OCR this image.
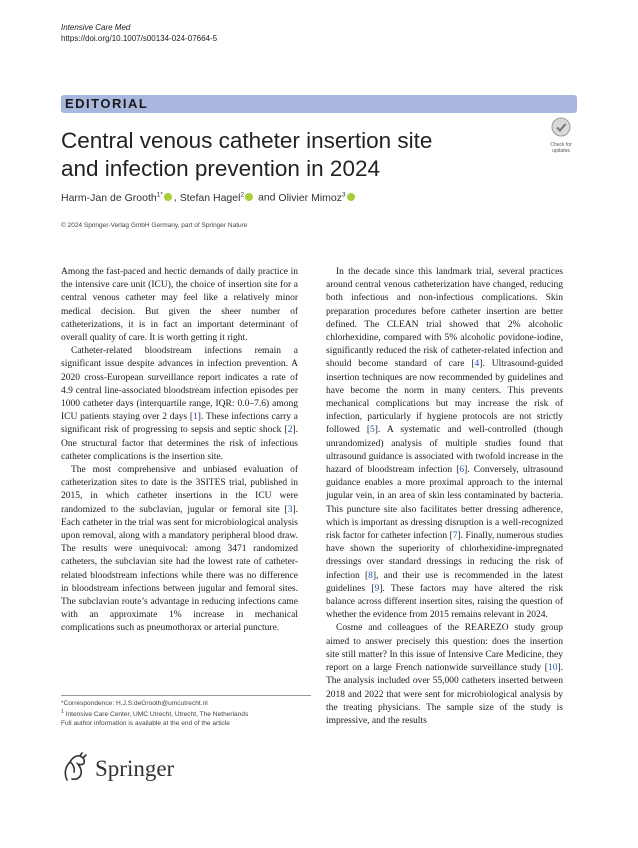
Intensive Care Med
https://doi.org/10.1007/s00134-024-07664-5
EDITORIAL
Central venous catheter insertion site
and infection prevention in 2024
Check for
updates
Harm-Jan de Grooth$^{1*}$ , Stefan Hagel$^2$ and Olivier Mimoz$^3$
© 2024 Springer-Verlag GmbH Germany, part of Springer Nature

Among the fast-paced and hectic demands of daily practice in the intensive care unit (ICU), the choice of insertion site for a central venous catheter may feel like a relatively minor medical decision. But given the sheer number of catheterizations, it is in fact an important determinant of overall quality of care. It is worth getting it right.

Catheter-related bloodstream infections remain a significant issue despite advances in infection prevention. A 2020 cross-European surveillance report indicates a rate of 4.9 central line-associated bloodstream infection episodes per 1000 catheter days (interquartile range, IQR: 0.0–7.6) among ICU patients staying over 2 days [1]. These infections carry a significant risk of progressing to sepsis and septic shock [2]. One structural factor that determines the risk of infectious catheter complications is the insertion site.

The most comprehensive and unbiased evaluation of catheterization sites to date is the 3SITES trial, published in 2015, in which catheter insertions in the ICU were randomized to the subclavian, jugular or femoral site [3]. Each catheter in the trial was sent for microbiological analysis upon removal, along with a mandatory peripheral blood draw. The results were unequivocal: among 3471 randomized catheters, the subclavian site had the lowest rate of catheter-related bloodstream infections while there was no difference in bloodstream infections between jugular and femoral sites. The subclavian route’s advantage in reducing infections came with an approximate 1% increase in mechanical complications such as pneumothorax or arterial puncture.

In the decade since this landmark trial, several practices around central venous catheterization have changed, reducing both infectious and non-infectious complications. Skin preparation procedures before catheter insertion are better defined. The CLEAN trial showed that 2% alcoholic chlorhexidine, compared with 5% alcoholic povidone-iodine, significantly reduced the risk of catheter-related infection and should become standard of care [4]. Ultrasound-guided insertion techniques are now recommended by guidelines and have become the norm in many centers. This prevents mechanical complications but may increase the risk of infection, particularly if hygiene protocols are not strictly followed [5]. A systematic and well-controlled (though unrandomized) analysis of multiple studies found that ultrasound guidance is associated with twofold increase in the hazard of bloodstream infection [6]. Conversely, ultrasound guidance enables a more proximal approach to the internal jugular vein, in an area of skin less contaminated by bacteria. This puncture site also facilitates better dressing adherence, which is important as dressing disruption is a well-recognized risk factor for catheter infection [7]. Finally, numerous studies have shown the superiority of chlorhexidine-impregnated dressings over standard dressings in reducing the risk of infection [8], and their use is recommended in the latest guidelines [9]. These factors may have altered the risk balance across different insertion sites, raising the question of whether the evidence from 2015 remains relevant in 2024.

Cosme and colleagues of the REAREZO study group aimed to answer precisely this question: does the insertion site still matter? In this issue of Intensive Care Medicine, they report on a large French nationwide surveillance study [10]. The analysis included over 55,000 catheters inserted between 2018 and 2022 that were sent for microbiological analysis by the treating physicians. The sample size of the study is impressive, and the results

*Correspondence: H.J.S.deGrooth@umcutrecht.nl
$^1$ Intensive Care Center, UMC Utrecht, Utrecht, The Netherlands
Full author information is available at the end of the article
Springer
